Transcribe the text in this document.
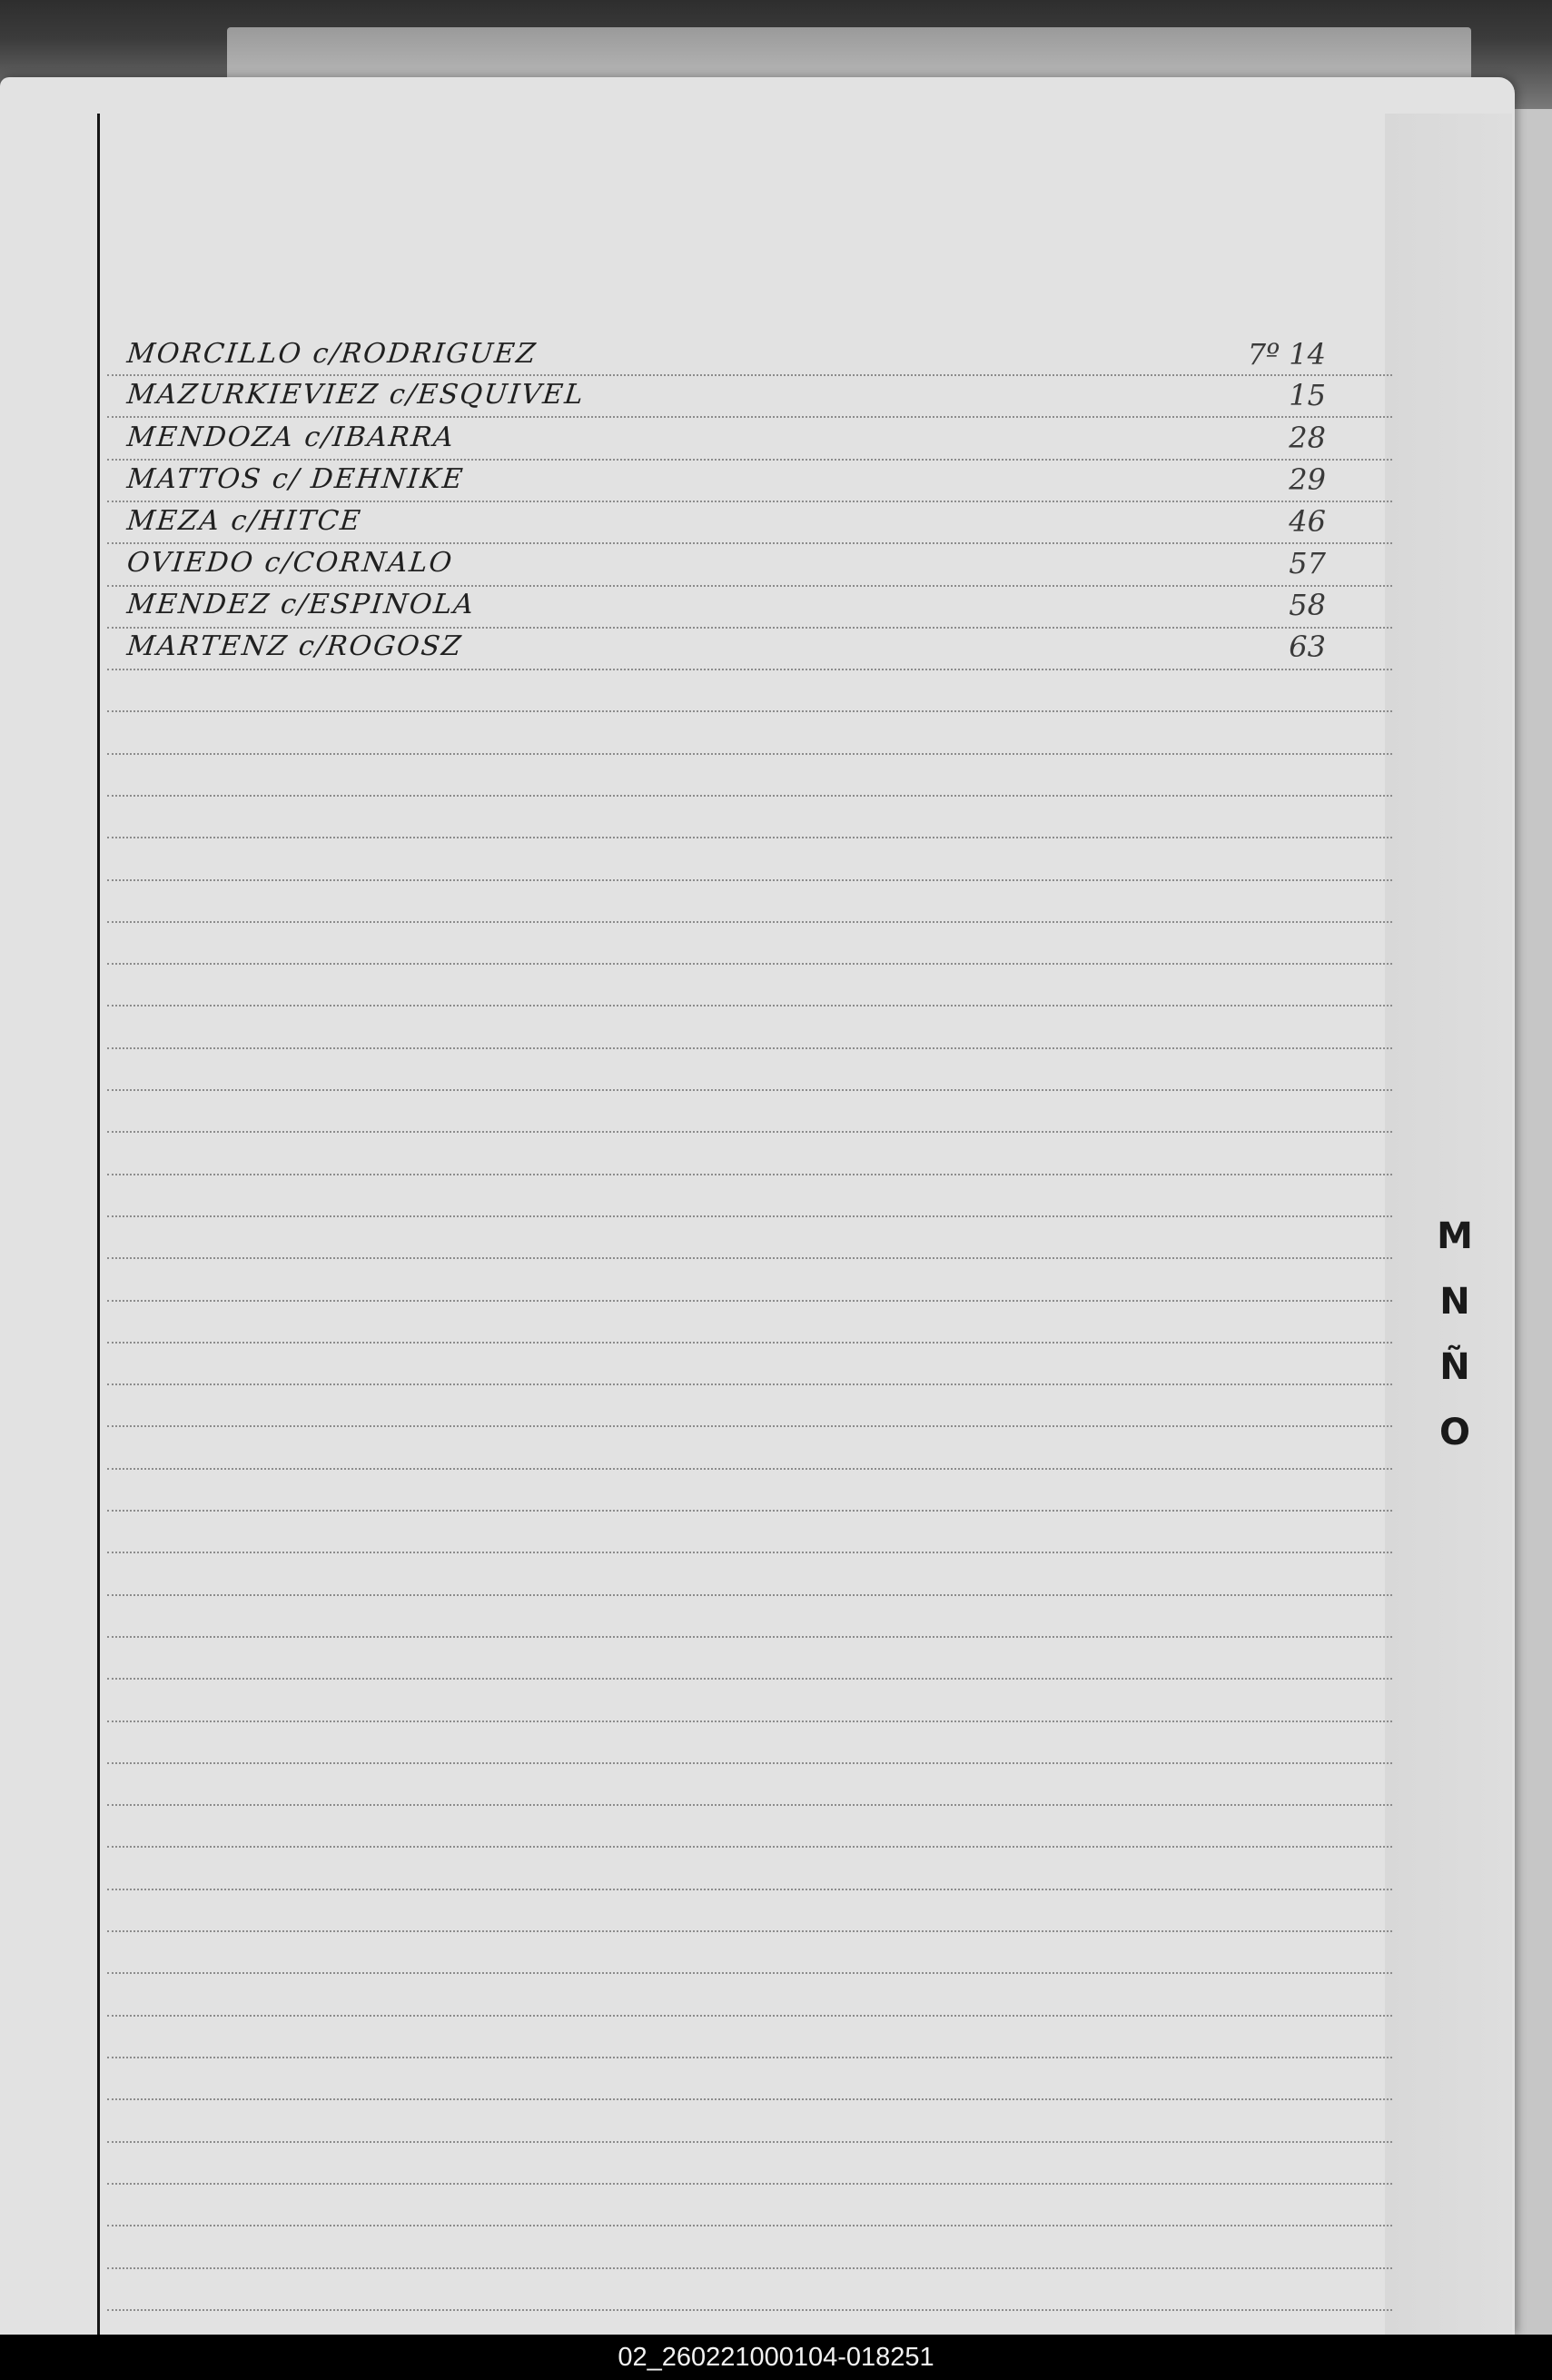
MORCILLO c/RODRIGUEZ	7º 14
MAZURKIEVIEZ c/ESQUIVEL	15
MENDOZA c/IBARRA	28
MATTOS c/ DEHNIKE	29
MEZA c/HITCE	46
OVIEDO c/CORNALO	57
MENDEZ c/ESPINOLA	58
MARTENZ c/ROGOSZ	63
M
N
Ñ
O
02_260221000104-018251
